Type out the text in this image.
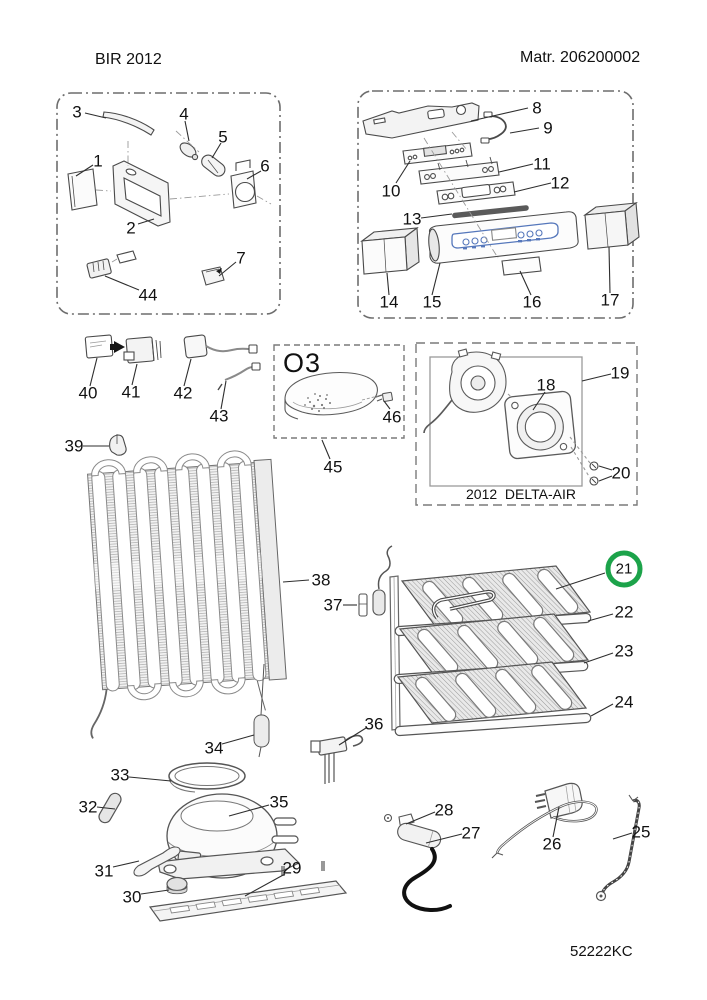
BIR 2012	Matr. 206200002
O3
2012  DELTA-AIR
52222KC
1
2
3	4
5
6
7
44
8
9
10
11
12
13
14 15	16	17
40 41 42
43
45
46
18
19
20
39
38
37
21
22
23
24
36
34
33
32	35
31
30
29
28
27
26
25
